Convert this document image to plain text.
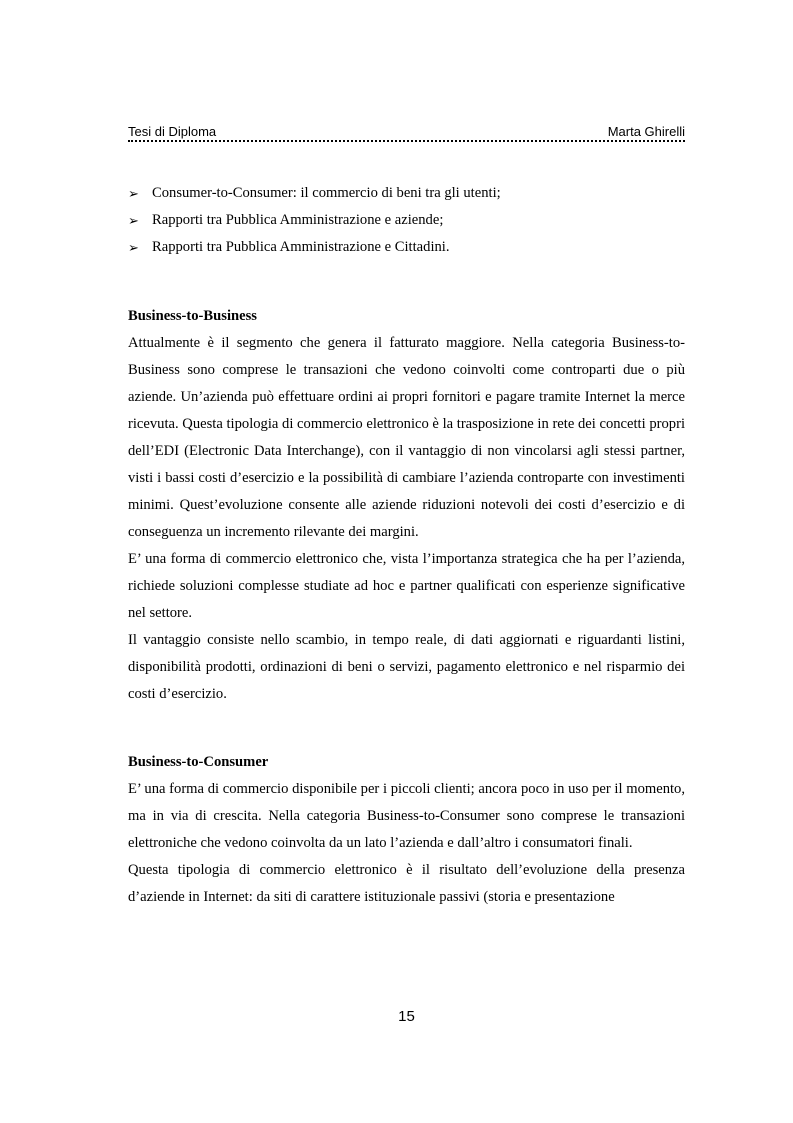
Tesi di Diploma	Marta Ghirelli
➢ Consumer-to-Consumer: il commercio di beni tra gli utenti;
➢ Rapporti tra Pubblica Amministrazione e aziende;
➢ Rapporti tra Pubblica Amministrazione e Cittadini.
Business-to-Business

Attualmente è il segmento che genera il fatturato maggiore. Nella categoria Business-to-Business sono comprese le transazioni che vedono coinvolti come controparti due o più aziende. Un’azienda può effettuare ordini ai propri fornitori e pagare tramite Internet la merce ricevuta. Questa tipologia di commercio elettronico è la trasposizione in rete dei concetti propri dell’EDI (Electronic Data Interchange), con il vantaggio di non vincolarsi agli stessi partner, visti i bassi costi d’esercizio e la possibilità di cambiare l’azienda controparte con investimenti minimi. Quest’evoluzione consente alle aziende riduzioni notevoli dei costi d’esercizio e di conseguenza un incremento rilevante dei margini.

E’ una forma di commercio elettronico che, vista l’importanza strategica che ha per l’azienda, richiede soluzioni complesse studiate ad hoc e partner qualificati con esperienze significative nel settore.

Il vantaggio consiste nello scambio, in tempo reale, di dati aggiornati e riguardanti listini, disponibilità prodotti, ordinazioni di beni o servizi, pagamento elettronico e nel risparmio dei costi d’esercizio.

Business-to-Consumer

E’ una forma di commercio disponibile per i piccoli clienti; ancora poco in uso per il momento, ma in via di crescita. Nella categoria Business-to-Consumer sono comprese le transazioni elettroniche che vedono coinvolta da un lato l’azienda e dall’altro i consumatori finali.

Questa tipologia di commercio elettronico è il risultato dell’evoluzione della presenza d’aziende in Internet: da siti di carattere istituzionale passivi (storia e presentazione

15
